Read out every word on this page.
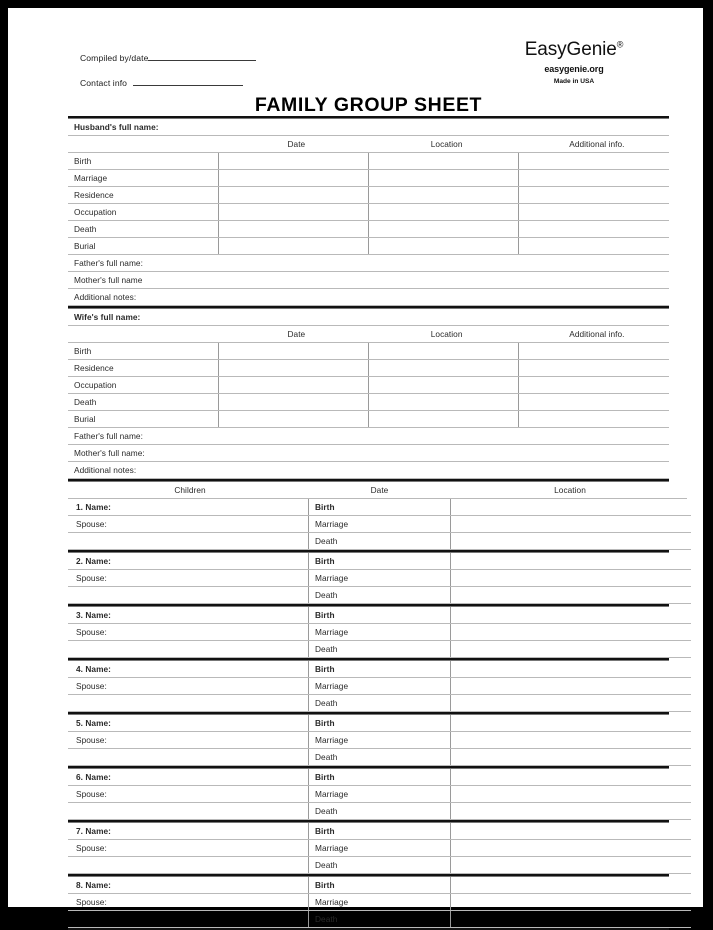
Compiled by/date
Contact info
EasyGenie®
easygenie.org
Made in USA
FAMILY GROUP SHEET
Husband's full name:			
	Date	Location	Additional info.
Birth			
Marriage			
Residence			
Occupation			
Death			
Burial			
Father's full name:			
Mother's full name			
Additional notes:			
Wife's full name:			
	Date	Location	Additional info.
Birth			
Residence			
Occupation			
Death			
Burial			
Father's full name:			
Mother's full name:			
Additional notes:			
Children	Date	Location
1. Name:	Birth	
Spouse:	Marriage	
	Death	
2. Name:	Birth	
Spouse:	Marriage	
	Death	
3. Name:	Birth	
Spouse:	Marriage	
	Death	
4. Name:	Birth	
Spouse:	Marriage	
	Death	
5. Name:	Birth	
Spouse:	Marriage	
	Death	
6. Name:	Birth	
Spouse:	Marriage	
	Death	
7. Name:	Birth	
Spouse:	Marriage	
	Death	
8. Name:	Birth	
Spouse:	Marriage	
	Death	
